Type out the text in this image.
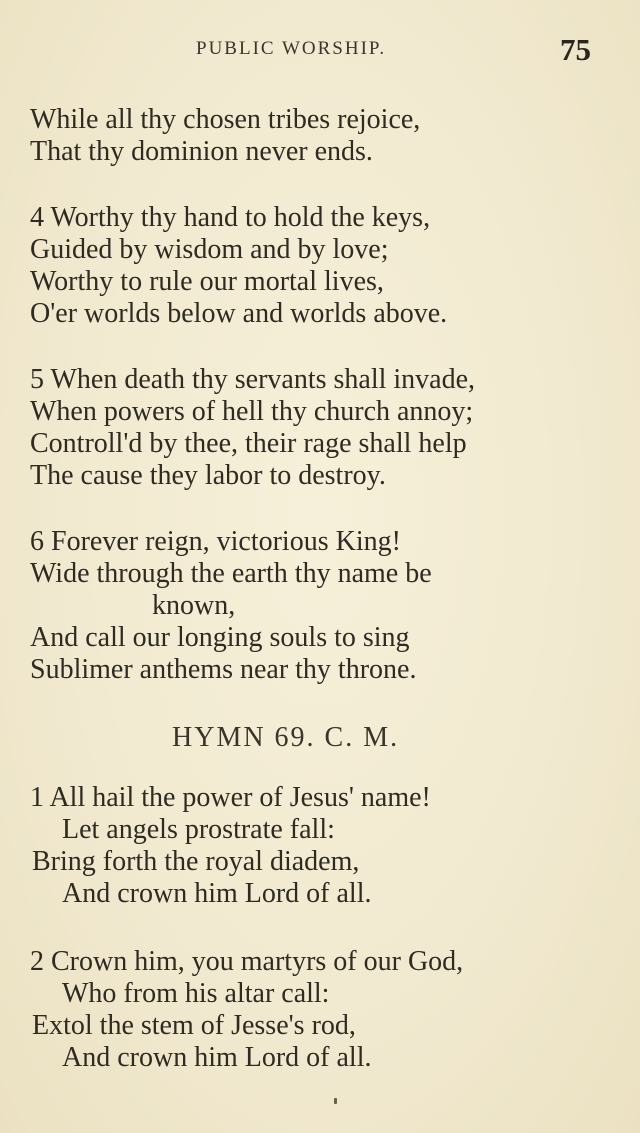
PUBLIC WORSHIP.	75
While all thy chosen tribes rejoice,
That thy dominion never ends.
4 Worthy thy hand to hold the keys,
Guided by wisdom and by love;
Worthy to rule our mortal lives,
O'er worlds below and worlds above.
5 When death thy servants shall invade,
When powers of hell thy church annoy;
Controll'd by thee, their rage shall help
The cause they labor to destroy.
6 Forever reign, victorious King!
Wide through the earth thy name be
known,
And call our longing souls to sing
Sublimer anthems near thy throne.
HYMN 69. C. M.
1 All hail the power of Jesus' name!
Let angels prostrate fall:
Bring forth the royal diadem,
And crown him Lord of all.
2 Crown him, you martyrs of our God,
Who from his altar call:
Extol the stem of Jesse's rod,
And crown him Lord of all.
